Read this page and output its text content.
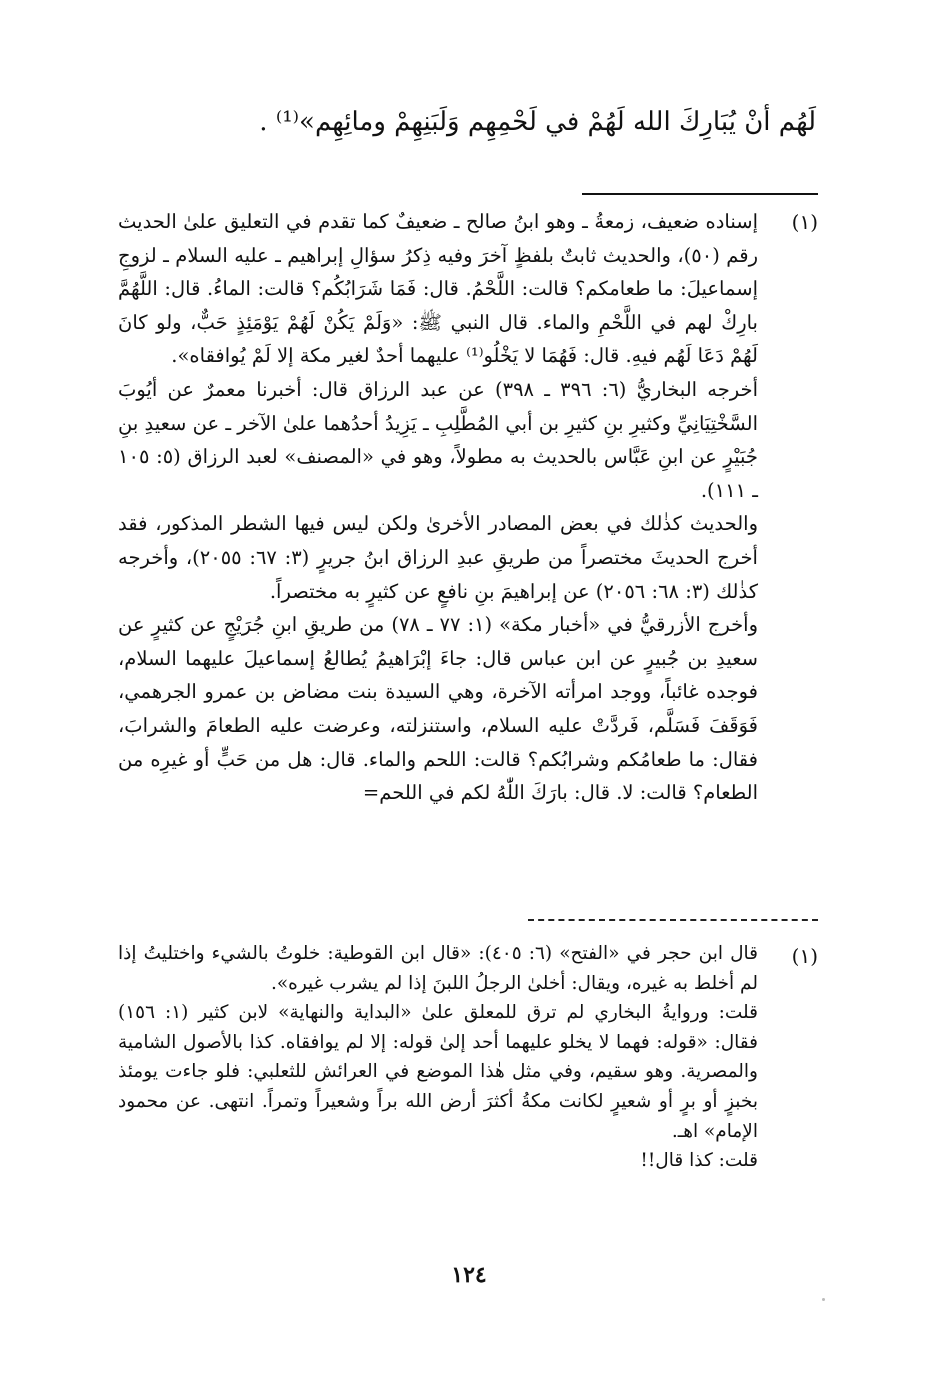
لَهُم أنْ يُبَارِكَ الله لَهُمْ في لَحْمِهِم وَلَبَنِهِمْ ومائِهِم»⁽¹⁾ .
(١)

إسناده ضعيف، زمعةُ ـ وهو ابنُ صالح ـ ضعيفٌ كما تقدم في التعليق علىٰ الحديث رقم (٥٠)، والحديث ثابتٌ بلفظٍ آخرَ وفيه ذِكرُ سؤالِ إبراهيم ـ عليه السلام ـ لزوجِ إسماعيلَ: ما طعامكم؟ قالت: اللَّحْمُ. قال: فَمَا شَرَابُكُم؟ قالت: الماءُ. قال: اللَّهُمَّ بارِكْ لهم في اللَّحْمِ والماء. قال النبي ﷺ: «وَلَمْ يَكُنْ لَهُمْ يَوْمَئِذٍ حَبٌّ، ولو كانَ لَهُمْ دَعَا لَهُم فيهِ. قال: فَهُمَا لا يَخْلُو⁽¹⁾ عليهما أحدٌ لغير مكة إلا لَمْ يُوافقاه».

أخرجه البخاريُّ (٦: ٣٩٦ ـ ٣٩٨) عن عبد الرزاق قال: أخبرنا معمرٌ عن أيُوبَ السَّخْتِيَانِيِّ وكثيرِ بنِ كثيرِ بن أبي المُطَّلِبِ ـ يَزِيدُ أحدُهما علىٰ الآخر ـ عن سعيدِ بنِ جُبَيْرٍ عن ابنِ عَبَّاس بالحديث به مطولاً، وهو في «المصنف» لعبد الرزاق (٥: ١٠٥ ـ ١١١).

والحديث كذٰلك في بعض المصادر الأخرىٰ ولكن ليس فيها الشطر المذكور، فقد أخرج الحديثَ مختصراً من طريقِ عبدِ الرزاق ابنُ جريرٍ (٣: ٦٧: ٢٠٥٥)، وأخرجه كذٰلك (٣: ٦٨: ٢٠٥٦) عن إبراهيمَ بنِ نافعٍ عن كثيرٍ به مختصراً.

وأخرج الأزرقيُّ في «أخبار مكة» (١: ٧٧ ـ ٧٨) من طريقِ ابنِ جُرَيْجٍ عن كثيرٍ عن سعيدِ بن جُبيرٍ عن ابن عباس قال: جاءَ إبْرَاهيمُ يُطالعُ إسماعيلَ عليهما السلام، فوجده غائباً، ووجد امرأته الآخرة، وهي السيدة بنت مضاض بن عمرو الجرهمي، فَوَقَفَ فَسَلَّم، فَردَّتْ عليه السلام، واستنزلته، وعرضت عليه الطعامَ والشرابَ، فقال: ما طعامُكم وشرابُكم؟ قالت: اللحم والماء. قال: هل من حَبٍّ أو غيرِه من الطعام؟ قالت: لا. قال: بارَكَ اللّٰهُ لكم في اللحم=

(١)

قال ابن حجر في «الفتح» (٦: ٤٠٥): «قال ابن القوطية: خلوتُ بالشيء واختليتُ إذا لم أخلط به غيره، ويقال: أخلىٰ الرجلُ اللبنَ إذا لم يشرب غيره».

قلت: وروايةُ البخاري لم ترق للمعلق علىٰ «البداية والنهاية» لابن كثير (١: ١٥٦) فقال: «قوله: فهما لا يخلو عليهما أحد إلىٰ قوله: إلا لم يوافقاه. كذا بالأصول الشامية والمصرية. وهو سقيم، وفي مثل هٰذا الموضع في العرائش للثعلبي: فلو جاءت يومئذ بخبزٍ أو برٍ أو شعيرٍ لكانت مكةُ أكثرَ أرض الله براً وشعيراً وتمراً. انتهى. عن محمود الإمام» اهـ.

قلت: كذا قال!!

١٢٤
